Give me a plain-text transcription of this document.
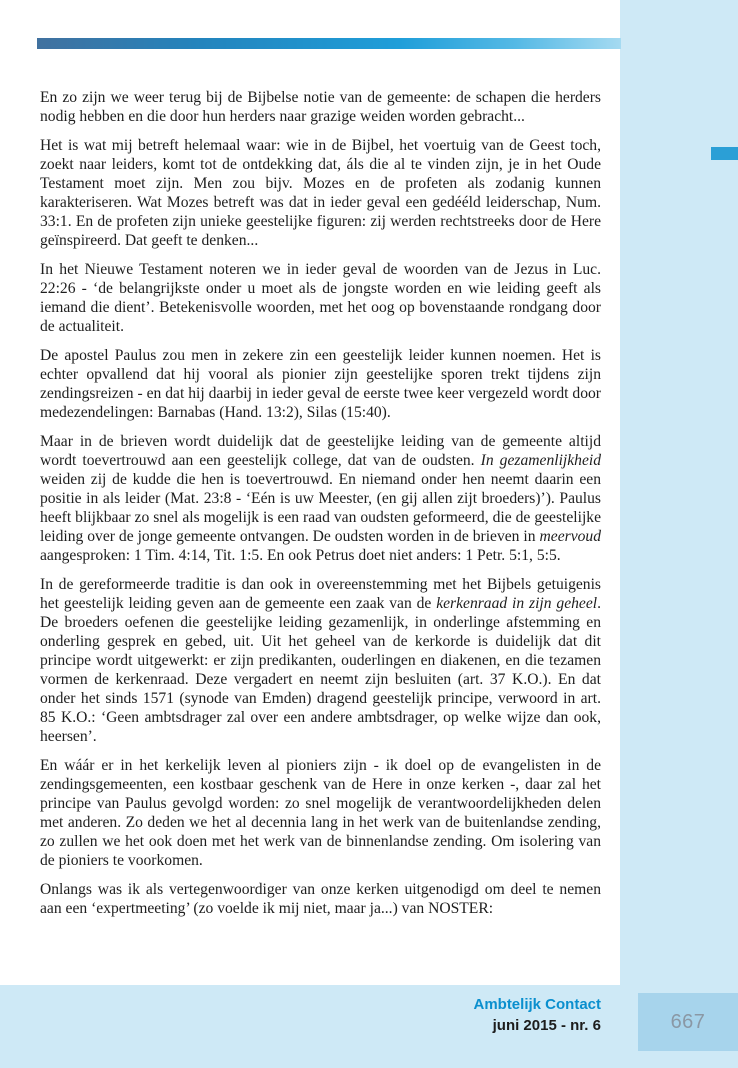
En zo zijn we weer terug bij de Bijbelse notie van de gemeente: de schapen die herders nodig hebben en die door hun herders naar grazige weiden worden gebracht...

Het is wat mij betreft helemaal waar: wie in de Bijbel, het voertuig van de Geest toch, zoekt naar leiders, komt tot de ontdekking dat, áls die al te vinden zijn, je in het Oude Testament moet zijn. Men zou bijv. Mozes en de profeten als zodanig kunnen karakteriseren. Wat Mozes betreft was dat in ieder geval een gedééld leiderschap, Num. 33:1. En de profeten zijn unieke geestelijke figuren: zij werden rechtstreeks door de Here geïnspireerd. Dat geeft te denken...

In het Nieuwe Testament noteren we in ieder geval de woorden van de Jezus in Luc. 22:26 - ‘de belangrijkste onder u moet als de jongste worden en wie leiding geeft als iemand die dient’. Betekenisvolle woorden, met het oog op bovenstaande rondgang door de actualiteit.

De apostel Paulus zou men in zekere zin een geestelijk leider kunnen noemen. Het is echter opvallend dat hij vooral als pionier zijn geestelijke sporen trekt tijdens zijn zendingsreizen - en dat hij daarbij in ieder geval de eerste twee keer vergezeld wordt door medezendelingen: Barnabas (Hand. 13:2), Silas (15:40).

Maar in de brieven wordt duidelijk dat de geestelijke leiding van de gemeente altijd wordt toevertrouwd aan een geestelijk college, dat van de oudsten. In gezamenlijkheid weiden zij de kudde die hen is toevertrouwd. En niemand onder hen neemt daarin een positie in als leider (Mat. 23:8 - ‘Eén is uw Meester, (en gij allen zijt broeders)’). Paulus heeft blijkbaar zo snel als mogelijk is een raad van oudsten geformeerd, die de geestelijke leiding over de jonge gemeente ontvangen. De oudsten worden in de brieven in meervoud aangesproken: 1 Tim. 4:14, Tit. 1:5. En ook Petrus doet niet anders: 1 Petr. 5:1, 5:5.

In de gereformeerde traditie is dan ook in overeenstemming met het Bijbels getuigenis het geestelijk leiding geven aan de gemeente een zaak van de kerkenraad in zijn geheel. De broeders oefenen die geestelijke leiding gezamenlijk, in onderlinge afstemming en onderling gesprek en gebed, uit. Uit het geheel van de kerkorde is duidelijk dat dit principe wordt uitgewerkt: er zijn predikanten, ouderlingen en diakenen, en die tezamen vormen de kerkenraad. Deze vergadert en neemt zijn besluiten (art. 37 K.O.). En dat onder het sinds 1571 (synode van Emden) dragend geestelijk principe, verwoord in art. 85 K.O.: ‘Geen ambtsdrager zal over een andere ambtsdrager, op welke wijze dan ook, heersen’.

En wáár er in het kerkelijk leven al pioniers zijn - ik doel op de evangelisten in de zendingsgemeenten, een kostbaar geschenk van de Here in onze kerken -, daar zal het principe van Paulus gevolgd worden: zo snel mogelijk de verantwoordelijkheden delen met anderen. Zo deden we het al decennia lang in het werk van de buitenlandse zending, zo zullen we het ook doen met het werk van de binnenlandse zending. Om isolering van de pioniers te voorkomen.

Onlangs was ik als vertegenwoordiger van onze kerken uitgenodigd om deel te nemen aan een ‘expertmeeting’ (zo voelde ik mij niet, maar ja...) van NOSTER:

Ambtelijk Contact
juni 2015 - nr. 6	667
